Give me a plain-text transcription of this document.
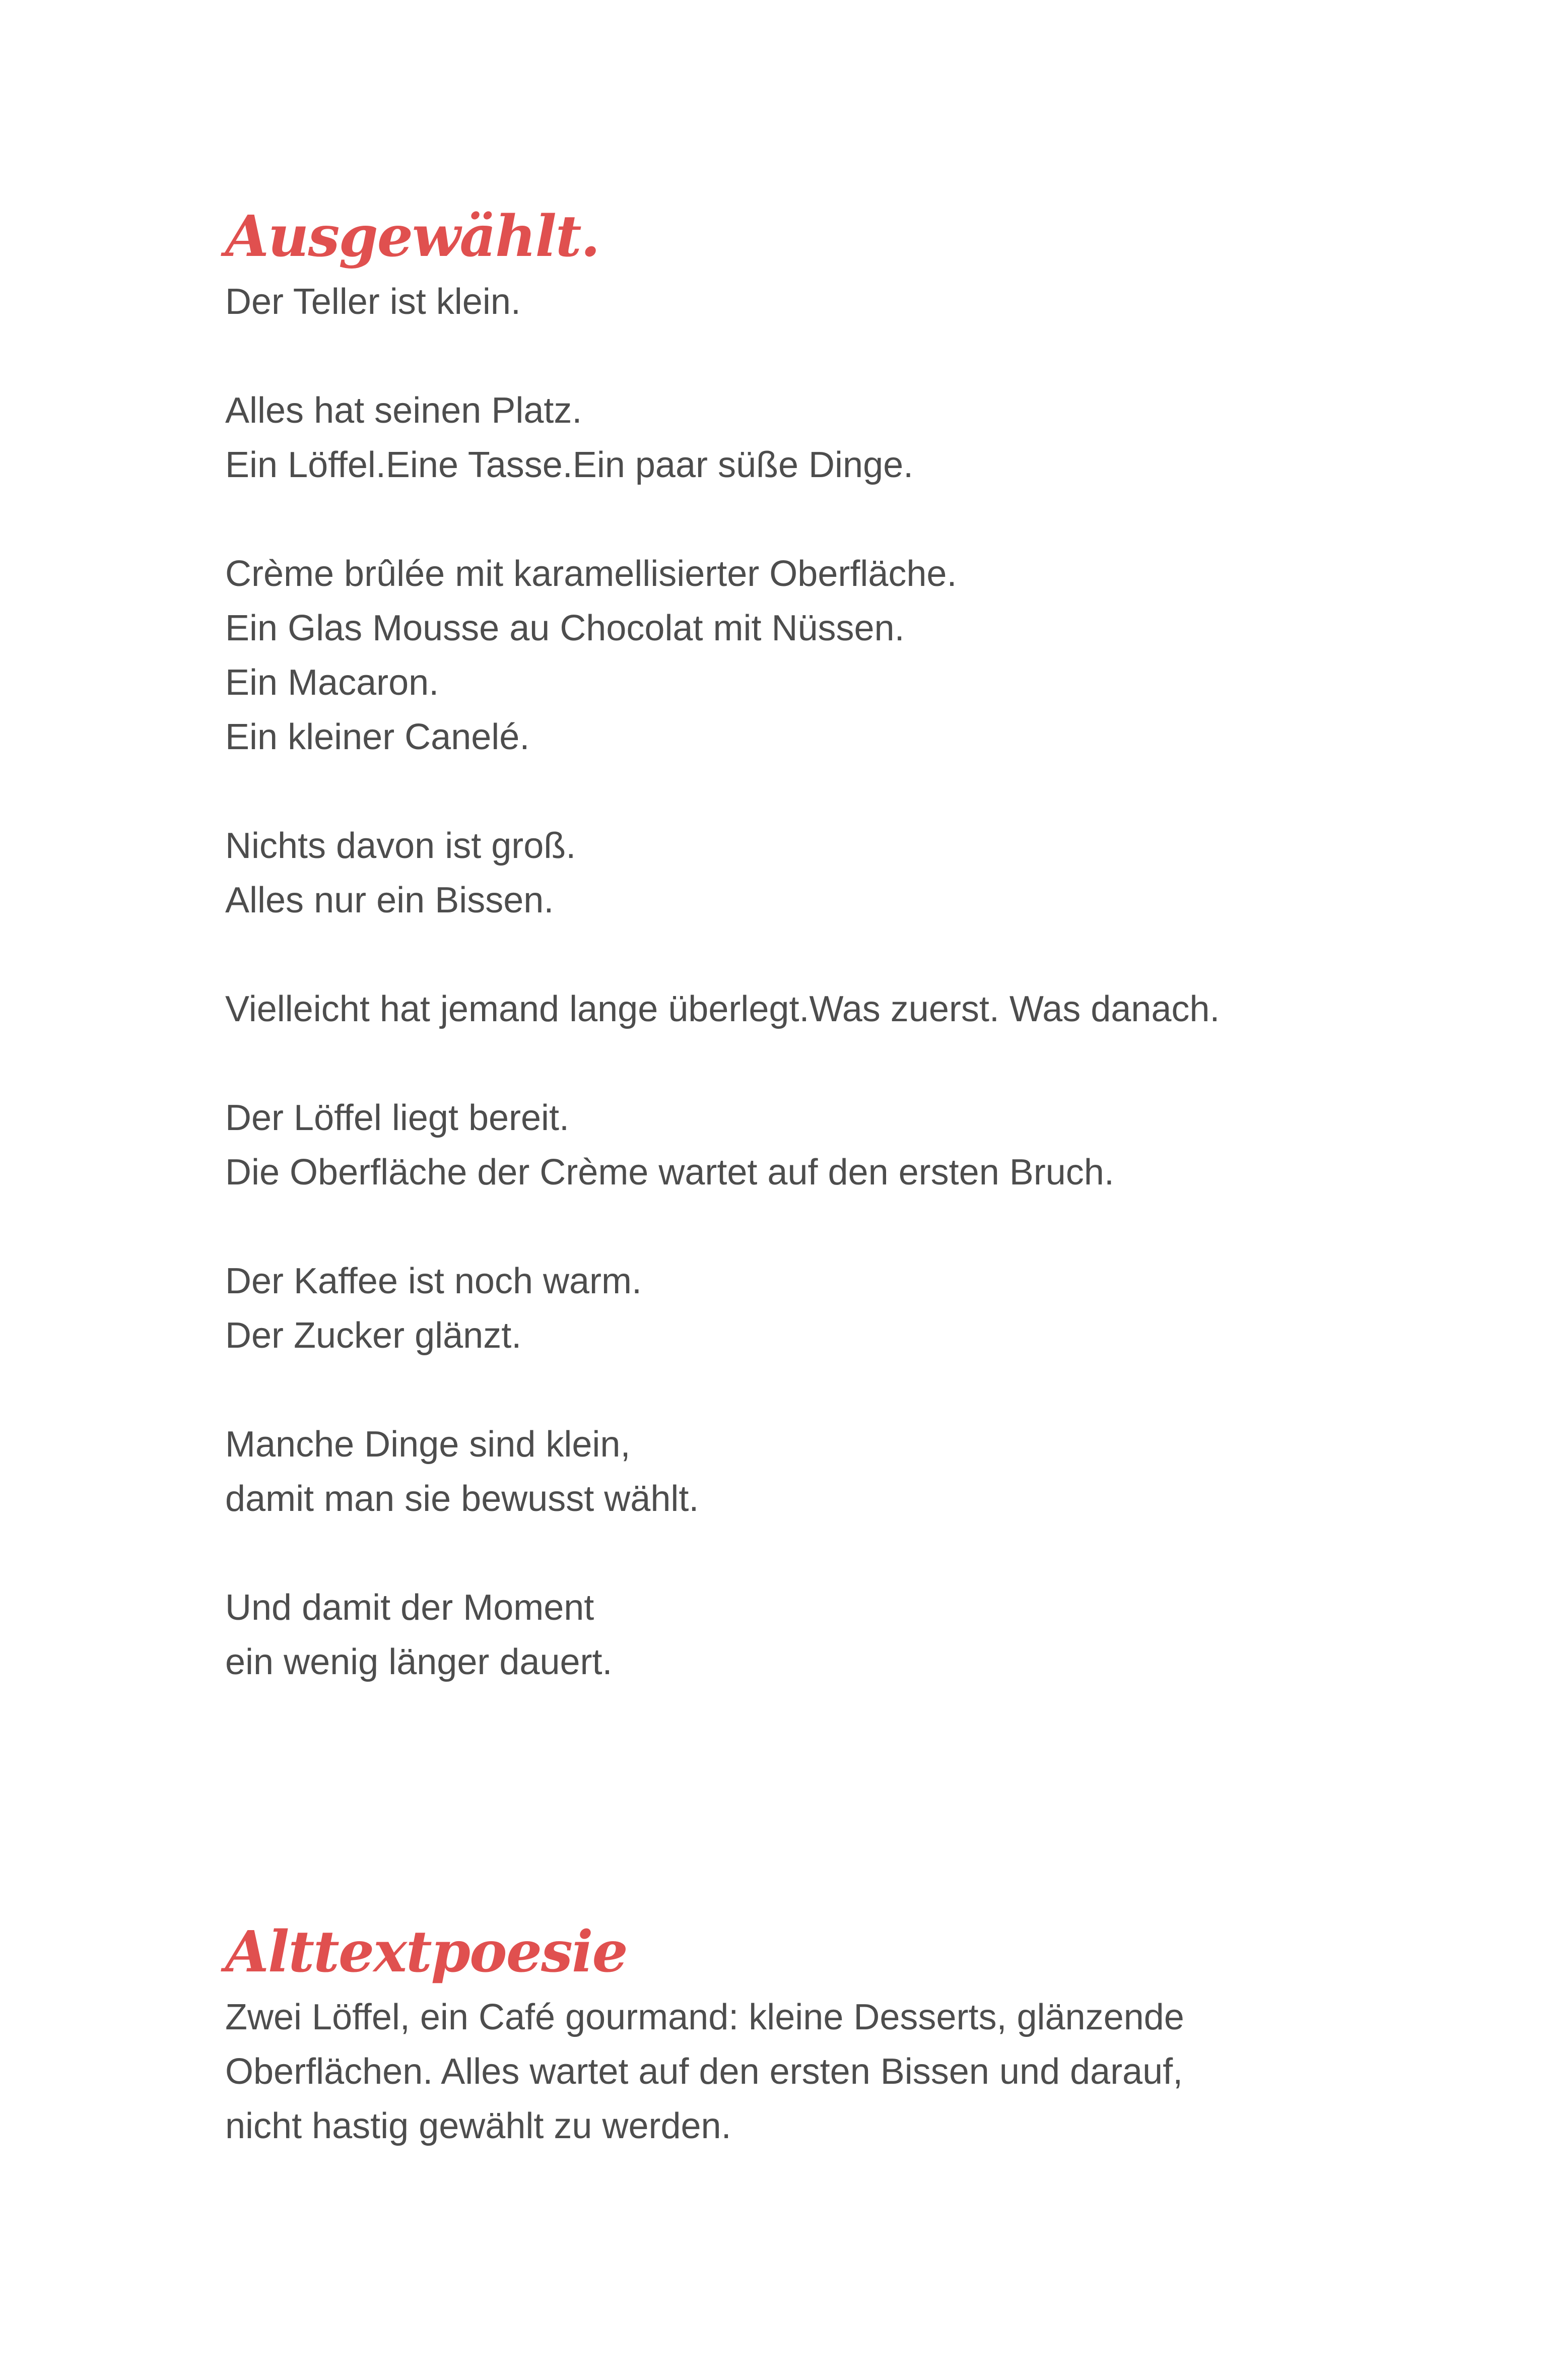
Ausgewählt.
Der Teller ist klein.
Alles hat seinen Platz.
Ein Löffel.Eine Tasse.Ein paar süße Dinge.
Crème brûlée mit karamellisierter Oberfläche.
Ein Glas Mousse au Chocolat mit Nüssen.
Ein Macaron.
Ein kleiner Canelé.
Nichts davon ist groß.
Alles nur ein Bissen.
Vielleicht hat jemand lange überlegt.Was zuerst. Was danach.
Der Löffel liegt bereit.
Die Oberfläche der Crème wartet auf den ersten Bruch.
Der Kaffee ist noch warm.
Der Zucker glänzt.
Manche Dinge sind klein,
damit man sie bewusst wählt.
Und damit der Moment
ein wenig länger dauert.
Alttextpoesie
Zwei Löffel, ein Café gourmand: kleine Desserts, glänzende
Oberflächen. Alles wartet auf den ersten Bissen und darauf,
nicht hastig gewählt zu werden.
